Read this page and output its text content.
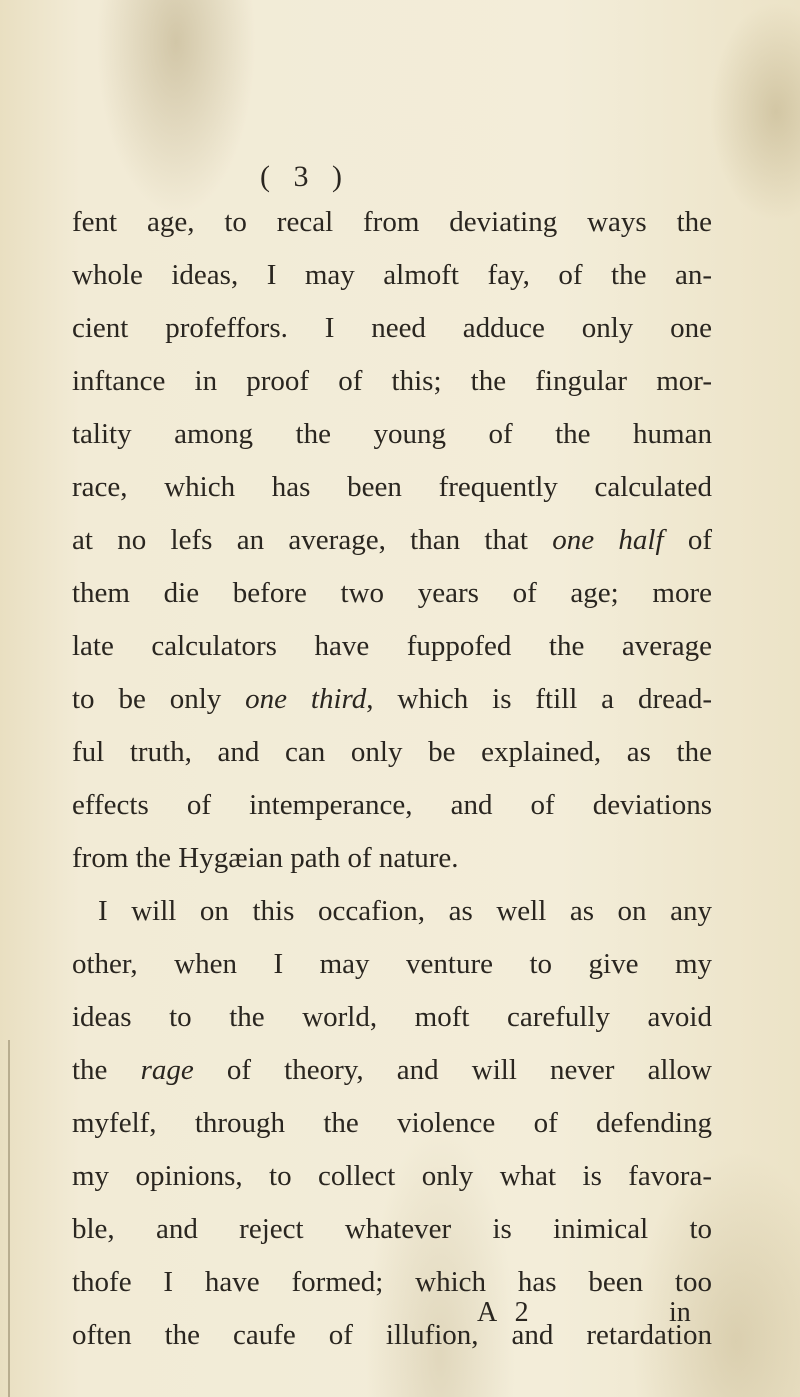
( 3 )
fent age, to recal from deviating ways the
whole ideas, I may almoft fay, of the an-
cient profeffors. I need adduce only one
inftance in proof of this; the fingular mor-
tality among the young of the human
race, which has been frequently calculated
at no lefs an average, than that one half of
them die before two years of age; more
late calculators have fuppofed the average
to be only one third, which is ftill a dread-
ful truth, and can only be explained, as the
effects of intemperance, and of deviations
from the Hygæian path of nature.
I will on this occafion, as well as on any
other, when I may venture to give my
ideas to the world, moft carefully avoid
the rage of theory, and will never allow
myfelf, through the violence of defending
my opinions, to collect only what is favora-
ble, and reject whatever is inimical to
thofe I have formed; which has been too
often the caufe of illufion, and retardation
A 2	in
